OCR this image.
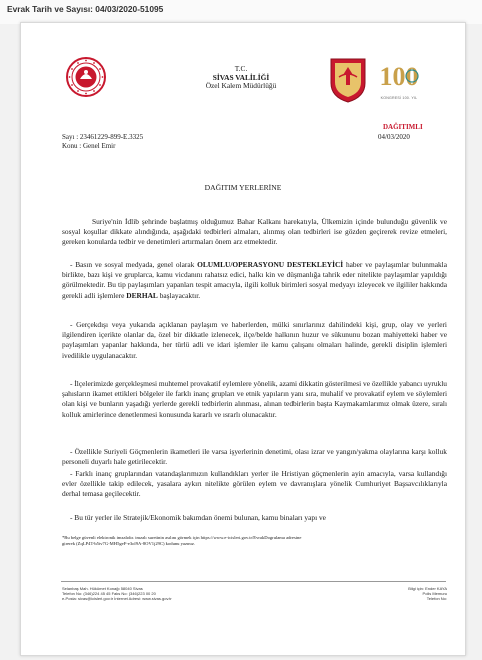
Evrak Tarih ve Sayısı: 04/03/2020-51095
T.C.
SİVAS VALİLİĞİ
Özel Kalem Müdürlüğü	100
KONGRESİ 100. YIL
DAĞITIMLI
04/03/2020
Sayı : 23461229-899-E.3325
Konu : Genel Emir
DAĞITIM YERLERİNE
Suriye'nin İdlib şehrinde başlatmış olduğumuz Bahar Kalkanı harekatıyla, Ülkemizin içinde bulunduğu güvenlik ve sosyal koşullar dikkate alındığında, aşağıdaki tedbirleri almaları, alınmış olan tedbirleri ise gözden geçirerek revize etmeleri, gereken konularda tedbir ve denetimleri artırmaları önem arz etmektedir.
- Basın ve sosyal medyada, genel olarak OLUMLU/OPERASYONU DESTEKLEYİCİ haber ve paylaşımlar bulunmakla birlikte, bazı kişi ve gruplarca, kamu vicdanını rahatsız edici, halkı kin ve düşmanlığa tahrik eder nitelikte paylaşımlar yapıldığı görülmektedir. Bu tip paylaşımları yapanları tespit amacıyla, ilgili kolluk birimleri sosyal medyayı izleyecek ve ilgililer hakkında gerekli adli işlemlere DERHAL başlayacaktır.
- Gerçekdışı veya yukarıda açıklanan paylaşım ve haberlerden, mülki sınırlarınız dahilindeki kişi, grup, olay ve yerleri ilgilendiren içerikte olanlar da, özel bir dikkatle izlenecek, ilçe/belde halkının huzur ve sükununu bozan mahiyetteki haber ve paylaşımları yapanlar hakkında, her türlü adli ve idari işlemler ile kamu çalışanı olmaları halinde, gerekli disiplin işlemleri ivedilikle uygulanacaktır.
- İlçelerimizde gerçekleşmesi muhtemel provakatif eylemlere yönelik, azami dikkatin gösterilmesi ve özellikle yabancı uyruklu şahısların ikamet ettikleri bölgeler ile farklı inanç grupları ve etnik yapıların yanı sıra, muhalif ve provakatif eylem ve söylemleri olan kişi ve bunların yaşadığı yerlerde gerekli tedbirlerin alınması, alınan tedbirlerin başta Kaymakamlarımız olmak üzere, sıralı kolluk amirlerince denetlenmesi konusunda kararlı ve ısrarlı olunacaktır.
- Özellikle Suriyeli Göçmenlerin ikametleri ile varsa işyerlerinin denetimi, olası izrar ve yangın/yakma olaylarına karşı kolluk personeli duyarlı hale getirilecektir.
- Farklı inanç gruplarından vatandaşlarımızın kullandıkları yerler ile Hristiyan göçmenlerin ayin amacıyla, varsa kullandığı evler özellikle takip edilecek, yasalara aykırı nitelikte görülen eylem ve davranışlara yönelik Cumhuriyet Başsavcılıklarıyla derhal temasa geçilecektir.
- Bu tür yerler ile Stratejik/Ekonomik bakımdan önemi bulunan, kamu binaları yapı ve
*Bu belge güvenli elektronik imzalıdır. imzalı suretinin asılını görmek için https://www.e-icisleri.gov.tr/EvrakDogrulama adresine
girerek (ZqLP4T-b5tv7G-MH5geF-e3ol9A-8OV1j29C) kodunu yazınız.
Selanbaş Mah. Hükümet Konağı 58040 Sivas
Telefon No: (346)224 45 45 Faks No: (346)223 00 20
e-Posta: sivas@icisleri.gov.tr İnternet Adresi: www.sivas.gov.tr
Bilgi için: Ender KAYA
Polis Memuru
Telefon No:
